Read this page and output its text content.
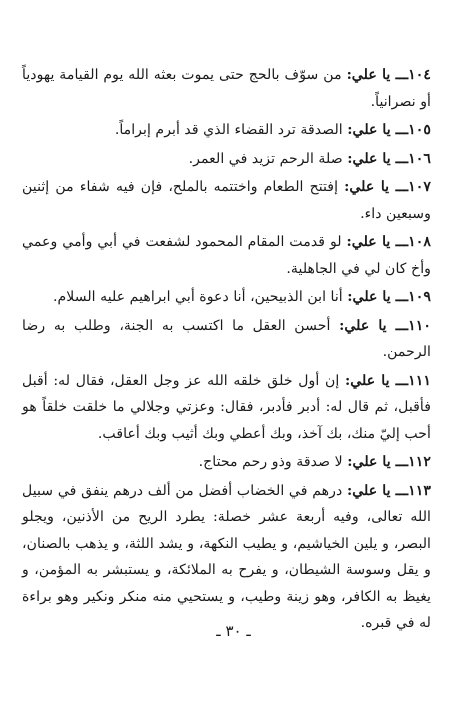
١٠٤ـــ يا علي: من سوّف بالحج حتى يموت بعثه الله يوم القيامة يهودياً أو نصرانياً.

١٠٥ـــ يا علي: الصدقة ترد القضاء الذي قد أبرم إبراماً.

١٠٦ـــ يا علي: صلة الرحم تزيد في العمر.

١٠٧ـــ يا علي: إفتتح الطعام واختتمه بالملح، فإن فيه شفاء من إثنين وسبعين داء.

١٠٨ـــ يا علي: لو قدمت المقام المحمود لشفعت في أبي وأمي وعمي وأخ كان لي في الجاهلية.

١٠٩ـــ يا علي: أنا ابن الذبيحين، أنا دعوة أبي ابراهيم عليه السلام.

١١٠ـــ يا علي: أحسن العقل ما اكتسب به الجنة، وطلب به رضا الرحمن.

١١١ـــ يا علي: إن أول خلق خلقه الله عز وجل العقل، فقال له: أقبل فأقبل، ثم قال له: أدبر فأدبر، فقال: وعزتي وجلالي ما خلقت خلقاً هو أحب إليّ منك، بك آخذ، وبك أعطي وبك أثيب وبك أعاقب.

١١٢ـــ يا علي: لا صدقة وذو رحم محتاج.

١١٣ـــ يا علي: درهم في الخضاب أفضل من ألف درهم ينفق في سبيل الله تعالى، وفيه أربعة عشر خصلة: يطرد الريح من الأذنين، ويجلو البصر، و يلين الخياشيم، و يطيب النكهة، و يشد اللثة، و يذهب بالصنان، و يقل وسوسة الشيطان، و يفرح به الملائكة، و يستبشر به المؤمن، و يغيظ به الكافر، وهو زينة وطيب، و يستحيي منه منكر ونكير وهو براءة له في قبره.

ـ ٣٠ ـ
